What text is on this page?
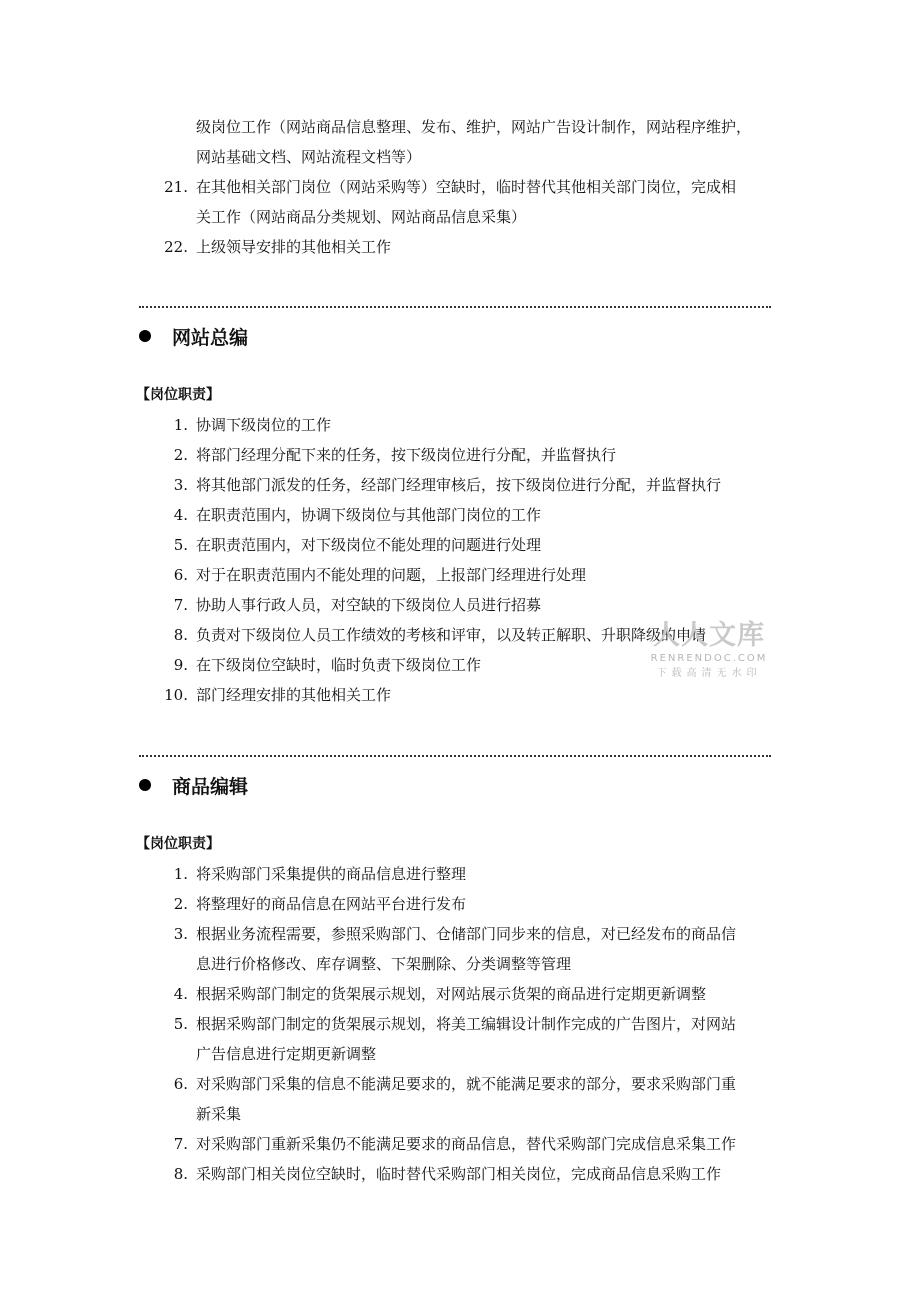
级岗位工作（网站商品信息整理、发布、维护，网站广告设计制作，网站程序维护，
网站基础文档、网站流程文档等）
21. 在其他相关部门岗位（网站采购等）空缺时，临时替代其他相关部门岗位，完成相
关工作（网站商品分类规划、网站商品信息采集）
22. 上级领导安排的其他相关工作
网站总编
【岗位职责】
1. 协调下级岗位的工作
2. 将部门经理分配下来的任务，按下级岗位进行分配，并监督执行
3. 将其他部门派发的任务，经部门经理审核后，按下级岗位进行分配，并监督执行
4. 在职责范围内，协调下级岗位与其他部门岗位的工作
5. 在职责范围内，对下级岗位不能处理的问题进行处理
6. 对于在职责范围内不能处理的问题，上报部门经理进行处理
7. 协助人事行政人员，对空缺的下级岗位人员进行招募
8. 负责对下级岗位人员工作绩效的考核和评审，以及转正解职、升职降级的申请
9. 在下级岗位空缺时，临时负责下级岗位工作
10. 部门经理安排的其他相关工作
商品编辑
【岗位职责】
1. 将采购部门采集提供的商品信息进行整理
2. 将整理好的商品信息在网站平台进行发布
3. 根据业务流程需要，参照采购部门、仓储部门同步来的信息，对已经发布的商品信
息进行价格修改、库存调整、下架删除、分类调整等管理
4. 根据采购部门制定的货架展示规划，对网站展示货架的商品进行定期更新调整
5. 根据采购部门制定的货架展示规划，将美工编辑设计制作完成的广告图片，对网站
广告信息进行定期更新调整
6. 对采购部门采集的信息不能满足要求的，就不能满足要求的部分，要求采购部门重
新采集
7. 对采购部门重新采集仍不能满足要求的商品信息，替代采购部门完成信息采集工作
8. 采购部门相关岗位空缺时，临时替代采购部门相关岗位，完成商品信息采购工作
人人文库
RENRENDOC.COM
下载高清无水印
